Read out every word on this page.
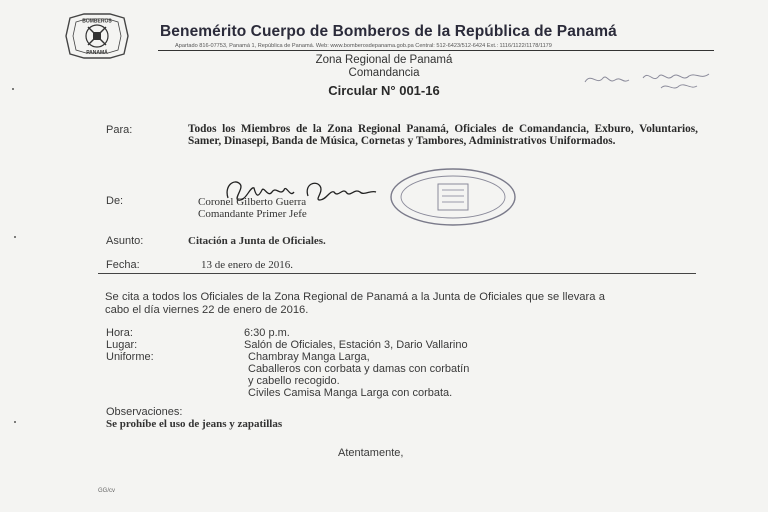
BOMBEROS
PANAMÁ
Benemérito Cuerpo de Bomberos de la República de Panamá
Apartado 816-07753, Panamá 1, República de Panamá. Web: www.bomberosdepanama.gob.pa Central: 512-6423/512-6424 Ext.: 1116/1122/1178/1179
Zona Regional de Panamá
Comandancia
Circular N° 001-16
Para:	Todos los Miembros de la Zona Regional Panamá, Oficiales de Comandancia, Exburo, Voluntarios, Samer, Dinasepi, Banda de Música, Cornetas y Tambores, Administrativos Uniformados.
De:	Coronel Gilberto Guerra
Comandante Primer Jefe
Asunto:	Citación a Junta de Oficiales.
Fecha:	13 de enero de 2016.
Se cita a todos los Oficiales de la Zona Regional de Panamá a la Junta de Oficiales que se llevara a cabo el día viernes 22 de enero de 2016.
Hora:	6:30 p.m.
Lugar:	Salón de Oficiales, Estación 3, Dario Vallarino
Uniforme:	Chambray Manga Larga,
Caballeros con corbata y damas con corbatín
y cabello recogido.
Civiles Camisa Manga Larga con corbata.
Observaciones:
Se prohíbe el uso de jeans y zapatillas
Atentamente,
GG/cv
